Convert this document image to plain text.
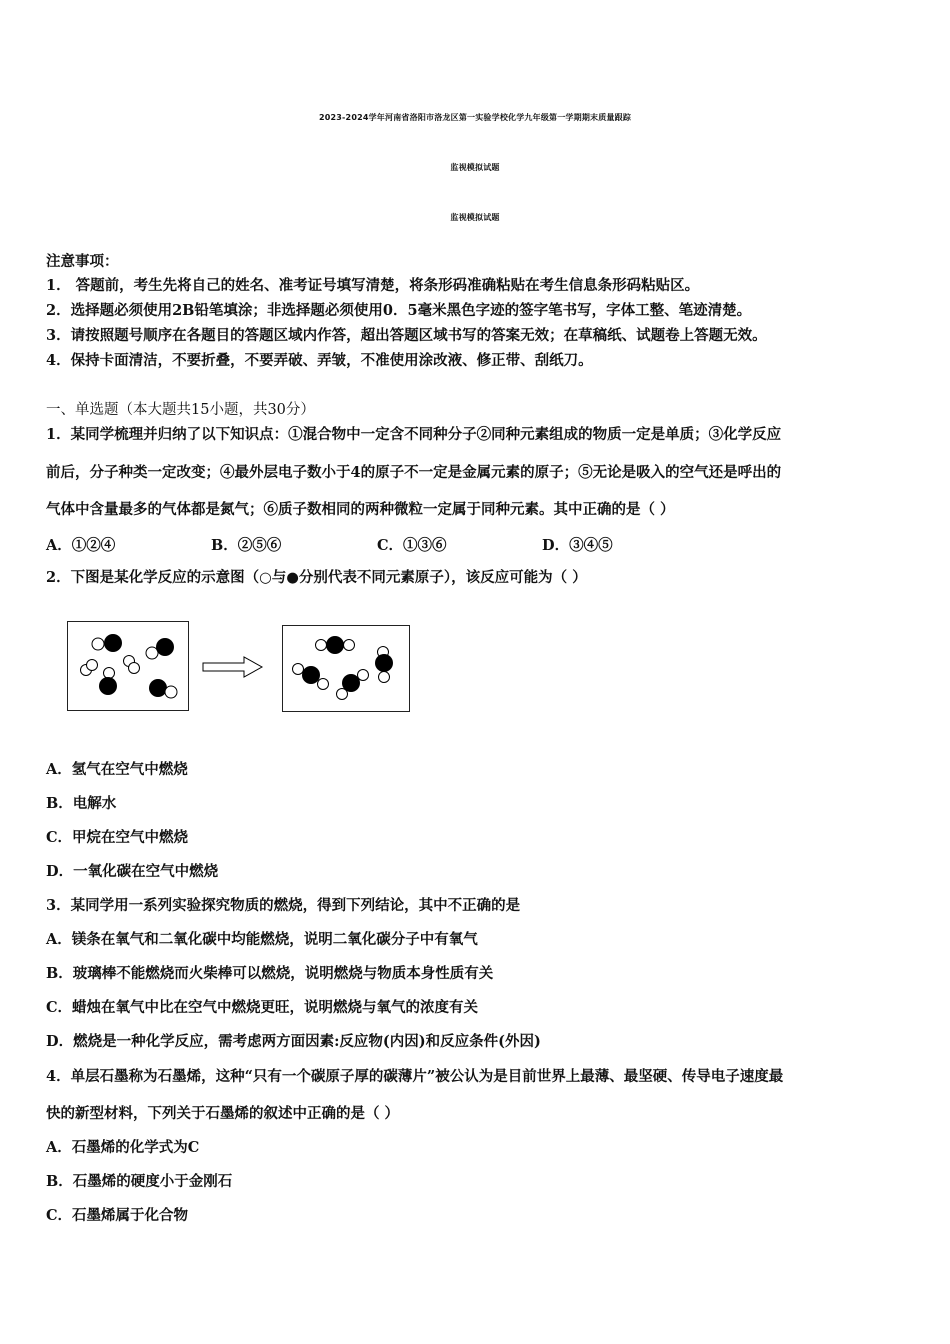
2023-2024学年河南省洛阳市洛龙区第一实验学校化学九年级第一学期期末质量跟踪
监视模拟试题
监视模拟试题
注意事项：
1． 答题前，考生先将自己的姓名、准考证号填写清楚，将条形码准确粘贴在考生信息条形码粘贴区。
2．选择题必须使用2B铅笔填涂；非选择题必须使用0．5毫米黑色字迹的签字笔书写，字体工整、笔迹清楚。
3．请按照题号顺序在各题目的答题区域内作答，超出答题区域书写的答案无效；在草稿纸、试题卷上答题无效。
4．保持卡面清洁，不要折叠，不要弄破、弄皱，不准使用涂改液、修正带、刮纸刀。
一、单选题（本大题共15小题，共30分）
1．某同学梳理并归纳了以下知识点：①混合物中一定含不同种分子②同种元素组成的物质一定是单质；③化学反应
前后，分子种类一定改变；④最外层电子数小于4的原子不一定是金属元素的原子；⑤无论是吸入的空气还是呼出的
气体中含量最多的气体都是氮气；⑥质子数相同的两种微粒一定属于同种元素。其中正确的是（ ）
A．①②④	B．②⑤⑥	C．①③⑥	D．③④⑤
2．下图是某化学反应的示意图（○与●分别代表不同元素原子），该反应可能为（ ）
A．氢气在空气中燃烧
B．电解水
C．甲烷在空气中燃烧
D．一氧化碳在空气中燃烧
3．某同学用一系列实验探究物质的燃烧，得到下列结论，其中不正确的是
A．镁条在氧气和二氧化碳中均能燃烧，说明二氧化碳分子中有氧气
B．玻璃棒不能燃烧而火柴棒可以燃烧，说明燃烧与物质本身性质有关
C．蜡烛在氧气中比在空气中燃烧更旺，说明燃烧与氧气的浓度有关
D．燃烧是一种化学反应，需考虑两方面因素:反应物(内因)和反应条件(外因)
4．单层石墨称为石墨烯，这种“只有一个碳原子厚的碳薄片”被公认为是目前世界上最薄、最坚硬、传导电子速度最
快的新型材料，下列关于石墨烯的叙述中正确的是（ ）
A．石墨烯的化学式为C
B．石墨烯的硬度小于金刚石
C．石墨烯属于化合物
